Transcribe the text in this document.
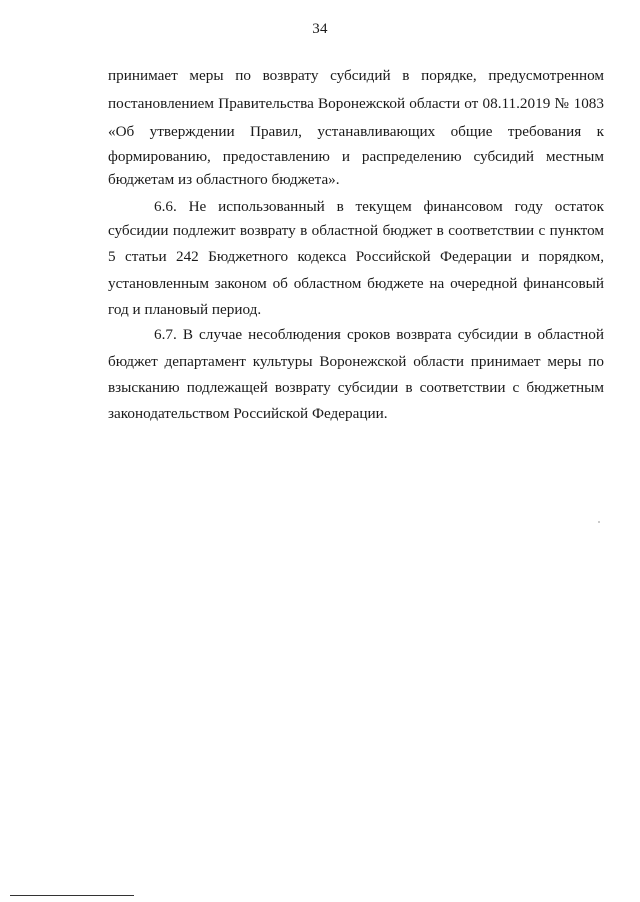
34
принимает меры по возврату субсидий в порядке, предусмотренном
постановлением Правительства Воронежской области от 08.11.2019 № 1083
«Об утверждении Правил, устанавливающих общие требования к
формированию, предоставлению и распределению субсидий местным
бюджетам из областного бюджета».
6.6. Не использованный в текущем финансовом году остаток
субсидии подлежит возврату в областной бюджет в соответствии с пунктом
5 статьи 242 Бюджетного кодекса Российской Федерации и порядком,
установленным законом об областном бюджете на очередной финансовый
год и плановый период.
6.7. В случае несоблюдения сроков возврата субсидии в областной
бюджет департамент культуры Воронежской области принимает меры по
взысканию подлежащей возврату субсидии в соответствии с бюджетным
законодательством Российской Федерации.
